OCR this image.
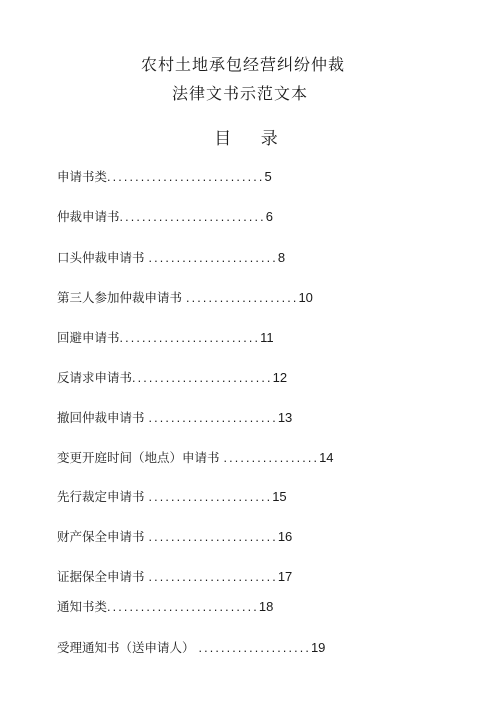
农村土地承包经营纠纷仲裁
法律文书示范文本
目 录
申请书类............................5
仲裁申请书..........................6
口头仲裁申请书 .......................8
第三人参加仲裁申请书 ....................10
回避申请书.........................11
反请求申请书.........................12
撤回仲裁申请书 .......................13
变更开庭时间（地点）申请书 .................14
先行裁定申请书 ......................15
财产保全申请书 .......................16
证据保全申请书 .......................17
通知书类...........................18
受理通知书（送申请人） ....................19
